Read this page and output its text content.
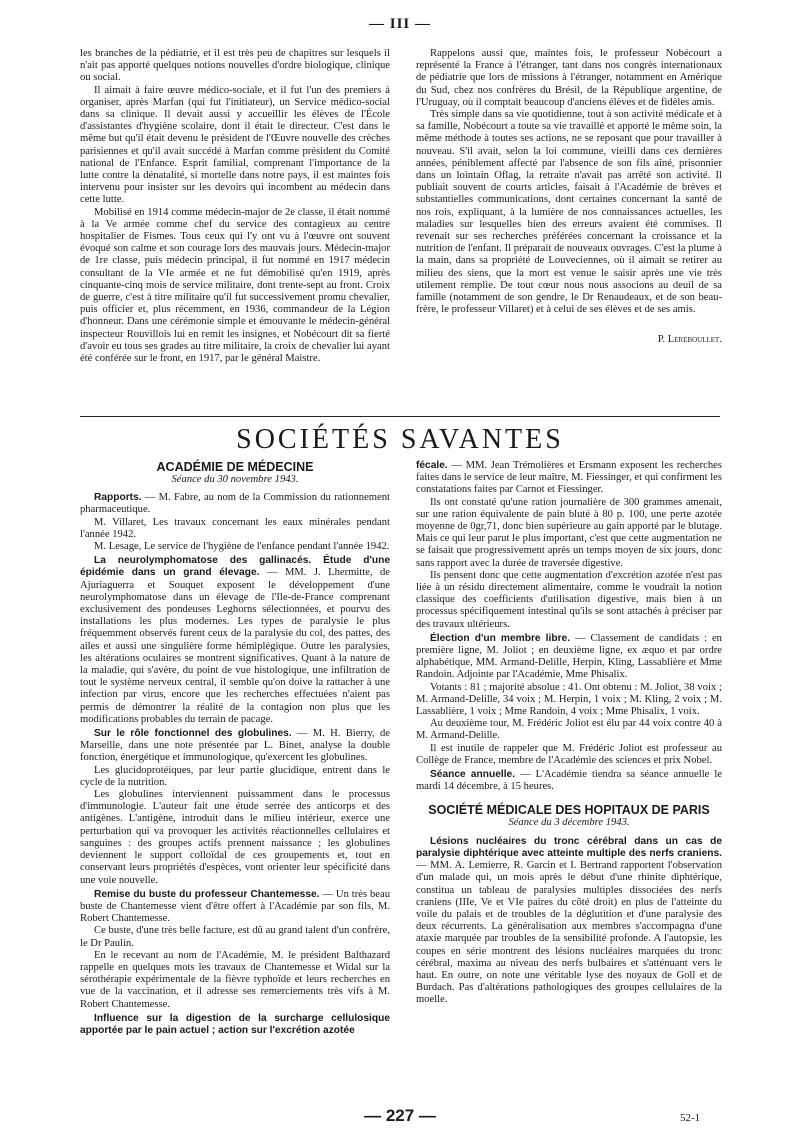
— III —

les branches de la pédiatrie, et il est très peu de chapitres sur lesquels il n'ait pas apporté quelques notions nouvelles d'ordre biologique, clinique ou social.

Il aimait à faire œuvre médico-sociale, et il fut l'un des premiers à organiser, après Marfan (qui fut l'initiateur), un Service médico-social dans sa clinique. Il devait aussi y accueillir les élèves de l'École d'assistantes d'hygiène scolaire, dont il était le directeur. C'est dans le même but qu'il était devenu le président de l'Œuvre nouvelle des crèches parisiennes et qu'il avait succédé à Marfan comme président du Comité national de l'Enfance. Esprit familial, comprenant l'importance de la lutte contre la dénatalité, si mortelle dans notre pays, il est maintes fois intervenu pour insister sur les devoirs qui incombent au médecin dans cette lutte.

Mobilisé en 1914 comme médecin-major de 2e classe, il était nommé à la Ve armée comme chef du service des contagieux au centre hospitalier de Fismes. Tous ceux qui l'y ont vu à l'œuvre ont souvent évoqué son calme et son courage lors des mauvais jours. Médecin-major de 1re classe, puis médecin principal, il fut nommé en 1917 médecin consultant de la VIe armée et ne fut démobilisé qu'en 1919, après cinquante-cinq mois de service militaire, dont trente-sept au front. Croix de guerre, c'est à titre militaire qu'il fut successivement promu chevalier, puis officier et, plus récemment, en 1936, commandeur de la Légion d'honneur. Dans une cérémonie simple et émouvante le médecin-général inspecteur Rouvillois lui en remit les insignes, et Nobécourt dit sa fierté d'avoir eu tous ses grades au titre militaire, la croix de chevalier lui ayant été conférée sur le front, en 1917, par le général Maistre.

Rappelons aussi que, maintes fois, le professeur Nobécourt a représenté la France à l'étranger, tant dans nos congrès internationaux de pédiatrie que lors de missions à l'étranger, notamment en Amérique du Sud, chez nos confrères du Brésil, de la République argentine, de l'Uruguay, où il comptait beaucoup d'anciens élèves et de fidèles amis.

Très simple dans sa vie quotidienne, tout à son activité médicale et à sa famille, Nobécourt a toute sa vie travaillé et apporté le même soin, la même méthode à toutes ses actions, ne se reposant que pour travailler à nouveau. S'il avait, selon la loi commune, vieilli dans ces dernières années, péniblement affecté par l'absence de son fils aîné, prisonnier dans un lointain Oflag, la retraite n'avait pas arrêté son activité. Il publiait souvent de courts articles, faisait à l'Académie de brèves et substantielles communications, dont certaines concernant la santé de nos rois, expliquant, à la lumière de nos connaissances actuelles, les maladies sur lesquelles bien des erreurs avaient été commises. Il revenait sur ses recherches préférées concernant la croissance et la nutrition de l'enfant. Il préparait de nouveaux ouvrages. C'est la plume à la main, dans sa propriété de Louveciennes, où il aimait se retirer au milieu des siens, que la mort est venue le saisir après une vie très utilement remplie. De tout cœur nous nous associons au deuil de sa famille (notamment de son gendre, le Dr Renaudeaux, et de son beau-frère, le professeur Villaret) et à celui de ses élèves et de ses amis.

P. Lereboullet.

SOCIÉTÉS SAVANTES

ACADÉMIE DE MÉDECINE

Séance du 30 novembre 1943.

Rapports. — M. Fabre, au nom de la Commission du rationnement pharmaceutique.

M. Villaret, Les travaux concernant les eaux minérales pendant l'année 1942.

M. Lesage, Le service de l'hygiène de l'enfance pendant l'année 1942.

La neurolymphomatose des gallinacés. Étude d'une épidémie dans un grand élevage. — MM. J. Lhermitte, de Ajuriaguerra et Souquet exposent le développement d'une neurolymphomatose dans un élevage de l'Ile-de-France comprenant exclusivement des pondeuses Leghorns sélectionnées, et pourvu des installations les plus modernes. Les types de paralysie le plus fréquemment observés furent ceux de la paralysie du col, des pattes, des ailes et aussi une singulière forme hémiplégique. Outre les paralysies, les altérations oculaires se montrent significatives. Quant à la nature de la maladie, qui s'avère, du point de vue histologique, une infiltration de tout le système nerveux central, il semble qu'on doive la rattacher à une infection par virus, encore que les recherches effectuées n'aient pas permis de démontrer la réalité de la contagion non plus que les modifications probables du terrain de pacage.

Sur le rôle fonctionnel des globulines. — M. H. Bierry, de Marseille, dans une note présentée par L. Binet, analyse la double fonction, énergétique et immunologique, qu'exercent les globulines.

Les glucidoprotéiques, par leur partie glucidique, entrent dans le cycle de la nutrition.

Les globulines interviennent puissamment dans le processus d'immunologie. L'auteur fait une étude serrée des anticorps et des antigènes. L'antigène, introduit dans le milieu intérieur, exerce une perturbation qui va provoquer les activités réactionnelles cellulaires et sanguines : des groupes actifs prennent naissance ; les globulines deviennent le support colloïdal de ces groupements et, tout en conservant leurs propriétés d'espèces, vont orienter leur spécificité dans une voie nouvelle.

Remise du buste du professeur Chantemesse. — Un très beau buste de Chantemesse vient d'être offert à l'Académie par son fils, M. Robert Chantemesse.

Ce buste, d'une très belle facture, est dû au grand talent d'un confrère, le Dr Paulin.

En le recevant au nom de l'Académie, M. le président Balthazard rappelle en quelques mots les travaux de Chantemesse et Widal sur la sérothérapie expérimentale de la fièvre typhoïde et leurs recherches en vue de la vaccination, et il adresse ses remerciements très vifs à M. Robert Chantemesse.

Influence sur la digestion de la surcharge cellulosique apportée par le pain actuel ; action sur l'excrétion azotée

fécale. — MM. Jean Trémolières et Ersmann exposent les recherches faites dans le service de leur maître, M. Fiessinger, et qui confirment les constatations faites par Carnot et Fiessinger.

Ils ont constaté qu'une ration journalière de 300 grammes amenait, sur une ration équivalente de pain bluté à 80 p. 100, une perte azotée moyenne de 0gr,71, donc bien supérieure au gain apporté par le blutage. Mais ce qui leur parut le plus important, c'est que cette augmentation ne se faisait que progressivement après un temps moyen de six jours, donc sans rapport avec la durée de traversée digestive.

Ils pensent donc que cette augmentation d'excrétion azotée n'est pas liée à un résidu directement alimentaire, comme le voudrait la notion classique des coefficients d'utilisation digestive, mais bien à un processus spécifiquement intestinal qu'ils se sont attachés à préciser par des travaux ultérieurs.

Élection d'un membre libre. — Classement de candidats : en première ligne, M. Joliot ; en deuxième ligne, ex æquo et par ordre alphabétique, MM. Armand-Delille, Herpin, Kling, Lassablière et Mme Randoin. Adjointe par l'Académie, Mme Phisalix.

Votants : 81 ; majorité absolue : 41. Ont obtenu : M. Joliot, 38 voix ; M. Armand-Delille, 34 voix ; M. Herpin, 1 voix ; M. Kling, 2 voix ; M. Lassablière, 1 voix ; Mme Randoin, 4 voix ; Mme Phisalix, 1 voix.

Au deuxième tour, M. Frédéric Joliot est élu par 44 voix contre 40 à M. Armand-Delille.

Il est inutile de rappeler que M. Frédéric Joliot est professeur au Collège de France, membre de l'Académie des sciences et prix Nobel.

Séance annuelle. — L'Académie tiendra sa séance annuelle le mardi 14 décembre, à 15 heures.

SOCIÉTÉ MÉDICALE DES HOPITAUX DE PARIS

Séance du 3 décembre 1943.

Lésions nucléaires du tronc cérébral dans un cas de paralysie diphtérique avec atteinte multiple des nerfs craniens. — MM. A. Lemierre, R. Garcin et I. Bertrand rapportent l'observation d'un malade qui, un mois après le début d'une rhinite diphtérique, constitua un tableau de paralysies multiples dissociées des nerfs craniens (IIIe, Ve et VIe paires du côté droit) en plus de l'atteinte du voile du palais et de troubles de la déglutition et d'une paralysie des deux récurrents. La généralisation aux membres s'accompagna d'une ataxie marquée par troubles de la sensibilité profonde. A l'autopsie, les coupes en série montrent des lésions nucléaires marquées du tronc cérébral, maxima au niveau des nerfs bulbaires et s'atténuant vers le haut. En outre, on note une véritable lyse des noyaux de Goll et de Burdach. Pas d'altérations pathologiques des groupes cellulaires de la moelle.

— 227 —	52-1
